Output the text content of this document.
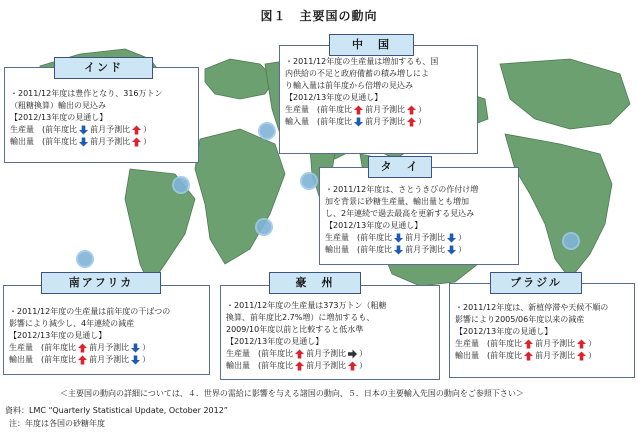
図１　主要国の動向
・2011/12年度の生産量は増加するも、国
内供給の不足と政府備蓄の積み増しによ
り輸入量は前年度から倍増の見込み
【2012/13年度の見通し】
生産量　(前年度比 前月予測比 ）
輸入量　(前年度比 前月予測比 ）
中　国
・2011/12年度は豊作となり、316万トン
（粗糖換算）輸出の見込み
【2012/13年度の見通し】
生産量　(前年度比 前月予測比 ）
輸出量　(前年度比 前月予測比 ）
インド
・2011/12年度は、さとうきびの作付け増
加を背景に砂糖生産量、輸出量とも増加
し、2年連続で過去最高を更新する見込み
【2012/13年度の見通し】
生産量　(前年度比 前月予測比 ）
輸出量　(前年度比 前月予測比 ）
タ　イ
・2011/12年度の生産量は前年度の干ばつの
影響により減少し、4年連続の減産
【2012/13年度の見通し】
生産量　(前年度比 前月予測比 ）
輸出量　(前年度比 前月予測比 ）
南アフリカ
・2011/12年度の生産量は373万トン（粗糖
換算、前年度比2.7%増）に増加するも、
2009/10年度以前と比較すると低水準
【2012/13年度の見通し】
生産量　(前年度比 前月予測比 ）
輸出量　(前年度比 前月予測比 ）
豪　州
・2011/12年度は、新植停滞や天候不順の
影響により2005/06年度以来の減産
【2012/13年度の見通し】
生産量　(前年度比 前月予測比 ）
輸出量　(前年度比 前月予測比 ）
ブラジル
＜主要国の動向の詳細については、４．世界の需給に影響を与える諸国の動向、５．日本の主要輸入先国の動向をご参照下さい＞
資料：LMC “Quarterly Statistical Update, October 2012”
注：年度は各国の砂糖年度
